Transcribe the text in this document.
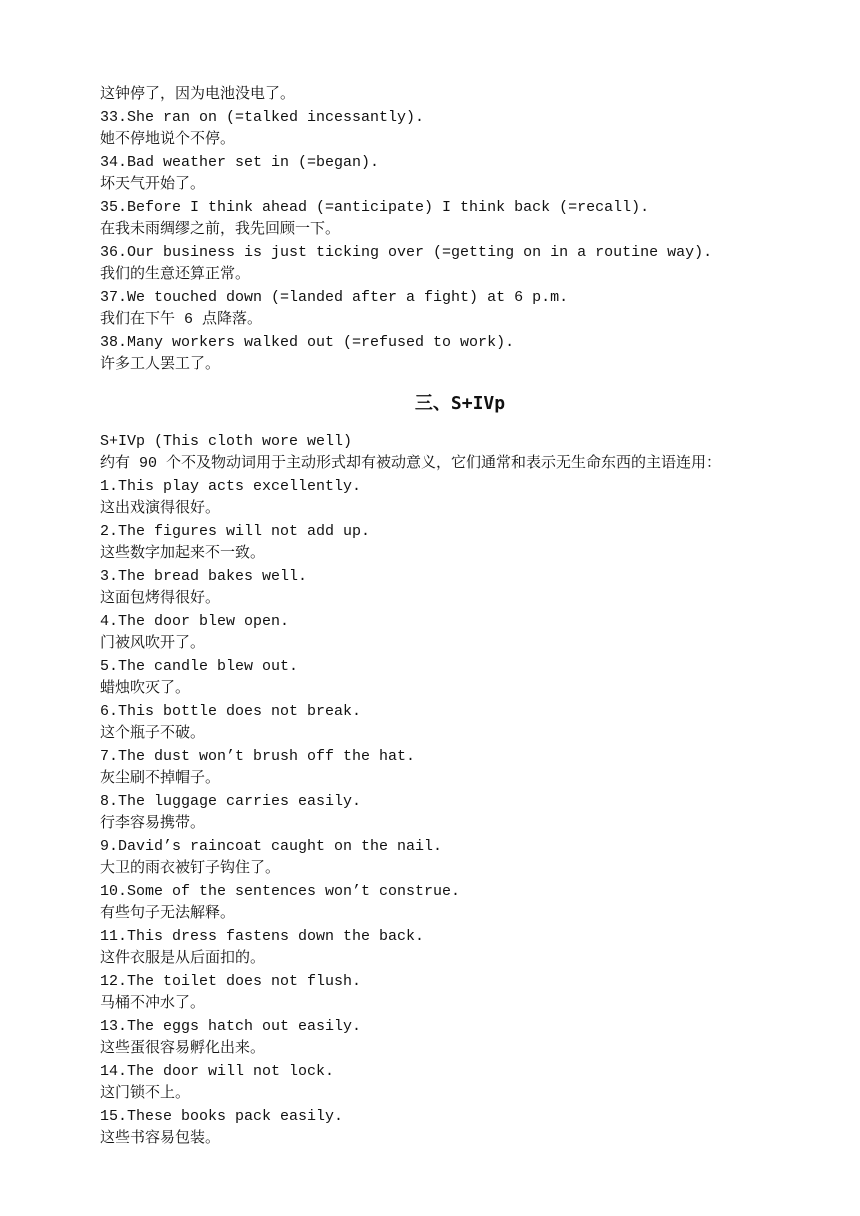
这钟停了，因为电池没电了。
33.She ran on (=talked incessantly).
她不停地说个不停。
34.Bad weather set in (=began).
坏天气开始了。
35.Before I think ahead (=anticipate) I think back (=recall).
在我未雨绸缪之前，我先回顾一下。
36.Our business is just ticking over (=getting on in a routine way).
我们的生意还算正常。
37.We touched down (=landed after a fight) at 6 p.m.
我们在下午 6 点降落。
38.Many workers walked out (=refused to work).
许多工人罢工了。
三、S+IVp
S+IVp (This cloth wore well)
约有 90 个不及物动词用于主动形式却有被动意义，它们通常和表示无生命东西的主语连用：
1.This play acts excellently.
这出戏演得很好。
2.The figures will not add up.
这些数字加起来不一致。
3.The bread bakes well.
这面包烤得很好。
4.The door blew open.
门被风吹开了。
5.The candle blew out.
蜡烛吹灭了。
6.This bottle does not break.
这个瓶子不破。
7.The dust won’t brush off the hat.
灰尘刷不掉帽子。
8.The luggage carries easily.
行李容易携带。
9.David’s raincoat caught on the nail.
大卫的雨衣被钉子钩住了。
10.Some of the sentences won’t construe.
有些句子无法解释。
11.This dress fastens down the back.
这件衣服是从后面扣的。
12.The toilet does not flush.
马桶不冲水了。
13.The eggs hatch out easily.
这些蛋很容易孵化出来。
14.The door will not lock.
这门锁不上。
15.These books pack easily.
这些书容易包装。
